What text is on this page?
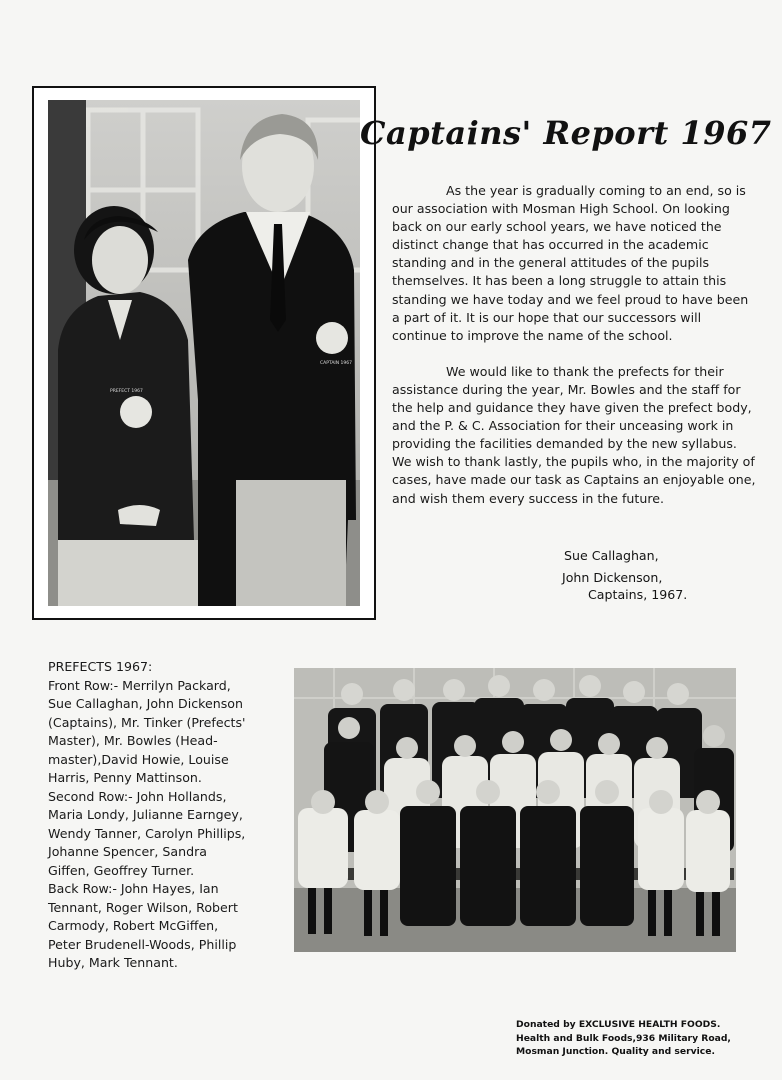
PREFECT 1967
CAPTAIN 1967
Captains' Report 1967

As the year is gradually coming to an end, so is our association with Mosman High School. On looking back on our early school years, we have noticed the distinct change that has occurred in the academic standing and in the general attitudes of the pupils themselves. It has been a long struggle to attain this standing we have today and we feel proud to have been a part of it. It is our hope that our successors will continue to improve the name of the school.

We would like to thank the prefects for their assistance during the year, Mr. Bowles and the staff for the help and guidance they have given the prefect body, and the P. & C. Association for their unceasing work in providing the facilities demanded by the new syllabus. We wish to thank lastly, the pupils who, in the majority of cases, have made our task as Captains an enjoyable one, and wish them every success in the future.

Sue Callaghan,
John Dickenson,
Captains, 1967.
PREFECTS 1967:
Front Row:- Merrilyn Packard,
Sue Callaghan, John Dickenson
(Captains), Mr. Tinker (Prefects'
Master), Mr. Bowles (Head-
master),David Howie, Louise
Harris, Penny Mattinson.
Second Row:- John Hollands,
Maria Londy, Julianne Earngey,
Wendy Tanner, Carolyn Phillips,
Johanne Spencer, Sandra
Giffen, Geoffrey Turner.
Back Row:- John Hayes, Ian
Tennant, Roger Wilson, Robert
Carmody, Robert McGiffen,
Peter Brudenell-Woods, Phillip
Huby, Mark Tennant.
Donated by EXCLUSIVE HEALTH FOODS.
Health and Bulk Foods,936 Military Road,
Mosman Junction. Quality and service.
